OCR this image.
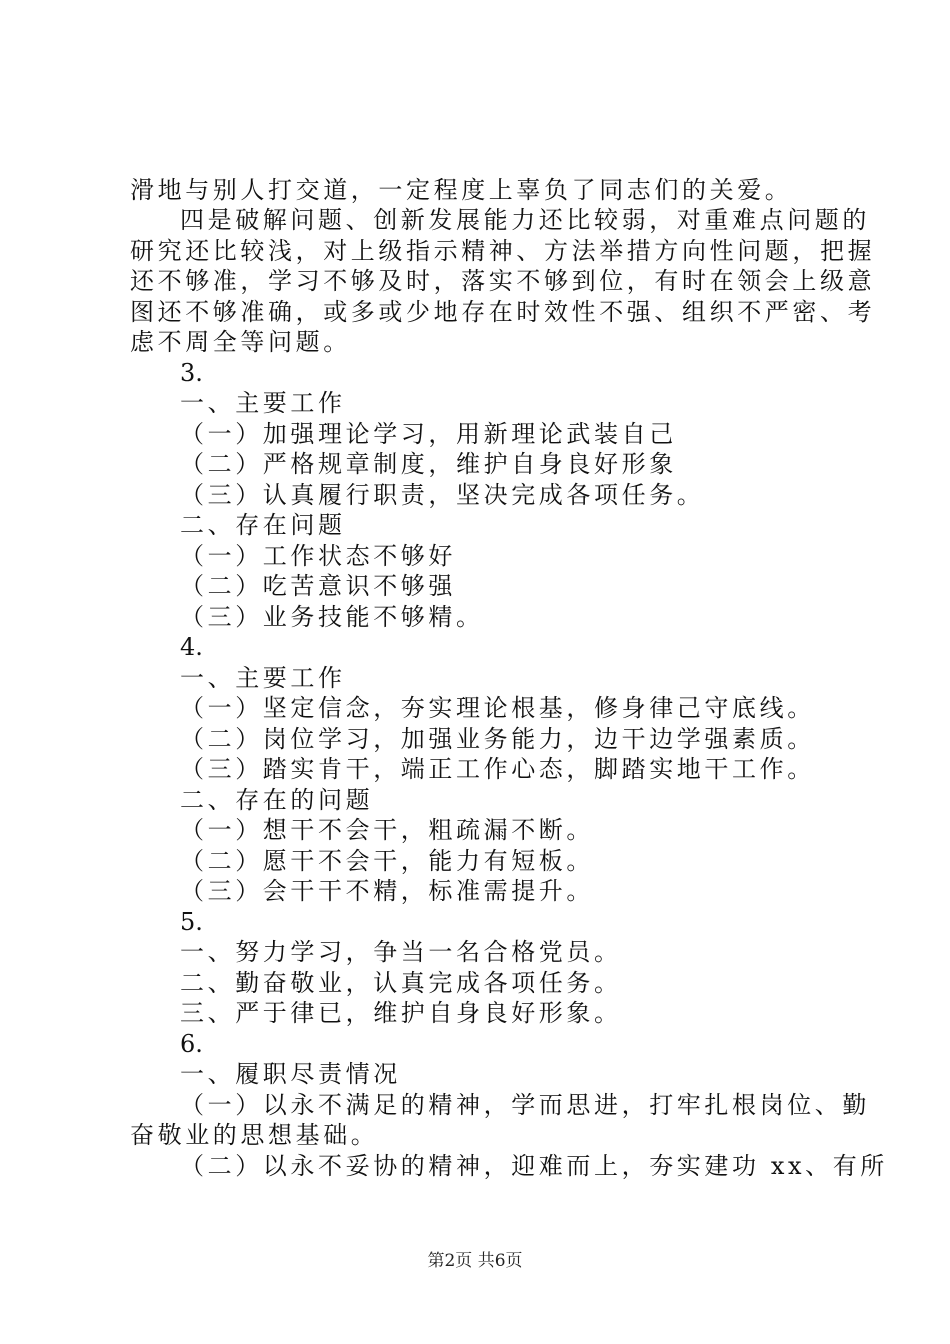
滑地与别人打交道，一定程度上辜负了同志们的关爱。
四是破解问题、创新发展能力还比较弱，对重难点问题的
研究还比较浅，对上级指示精神、方法举措方向性问题，把握
还不够准，学习不够及时，落实不够到位，有时在领会上级意
图还不够准确，或多或少地存在时效性不强、组织不严密、考
虑不周全等问题。
3.
一、主要工作
（一）加强理论学习，用新理论武装自己
（二）严格规章制度，维护自身良好形象
（三）认真履行职责，坚决完成各项任务。
二、存在问题
（一）工作状态不够好
（二）吃苦意识不够强
（三）业务技能不够精。
4.
一、主要工作
（一）坚定信念，夯实理论根基，修身律己守底线。
（二）岗位学习，加强业务能力，边干边学强素质。
（三）踏实肯干，端正工作心态，脚踏实地干工作。
二、存在的问题
（一）想干不会干，粗疏漏不断。
（二）愿干不会干，能力有短板。
（三）会干干不精，标准需提升。
5.
一、努力学习，争当一名合格党员。
二、勤奋敬业，认真完成各项任务。
三、严于律已，维护自身良好形象。
6.
一、履职尽责情况
（一）以永不满足的精神，学而思进，打牢扎根岗位、勤
奋敬业的思想基础。
（二）以永不妥协的精神，迎难而上，夯实建功 xx、有所
第2页 共6页
